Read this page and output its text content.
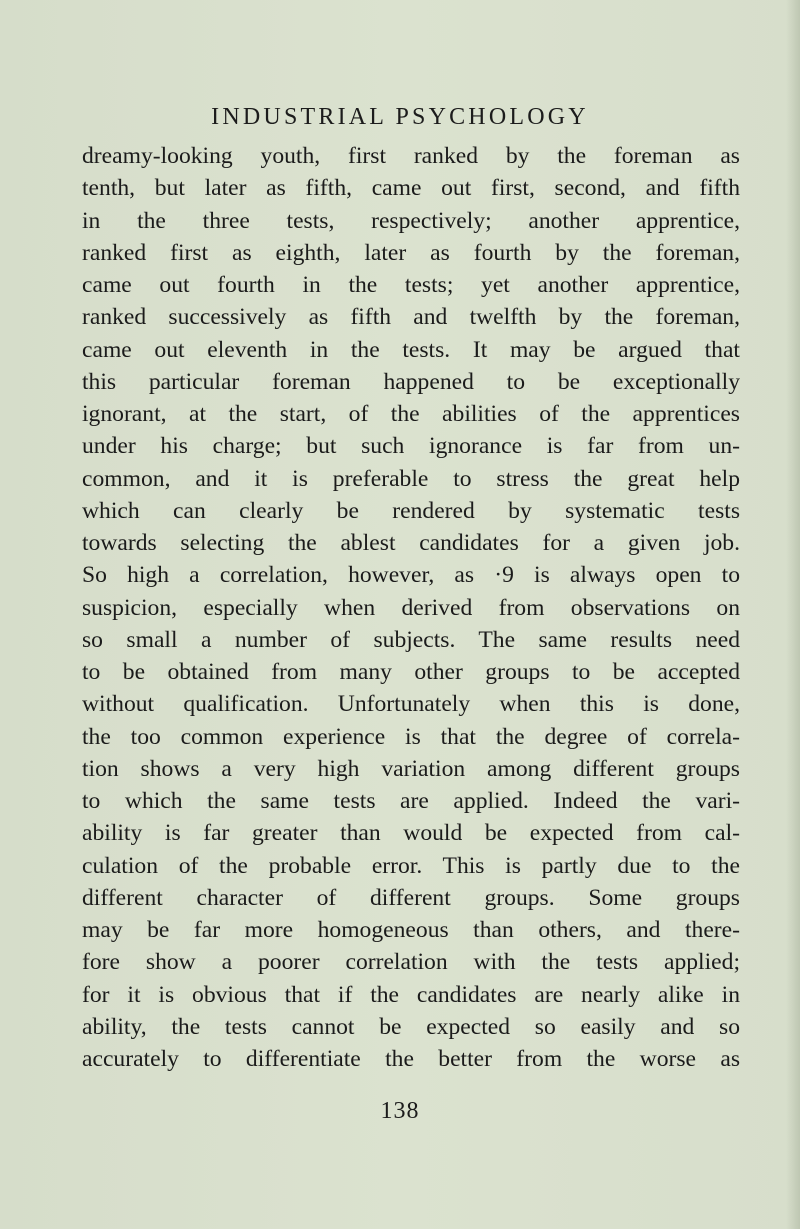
INDUSTRIAL PSYCHOLOGY
dreamy-looking youth, first ranked by the foreman as
tenth, but later as fifth, came out first, second, and fifth
in the three tests, respectively; another apprentice,
ranked first as eighth, later as fourth by the foreman,
came out fourth in the tests; yet another apprentice,
ranked successively as fifth and twelfth by the foreman,
came out eleventh in the tests. It may be argued that
this particular foreman happened to be exceptionally
ignorant, at the start, of the abilities of the apprentices
under his charge; but such ignorance is far from un-
common, and it is preferable to stress the great help
which can clearly be rendered by systematic tests
towards selecting the ablest candidates for a given job.
So high a correlation, however, as ·9 is always open to
suspicion, especially when derived from observations on
so small a number of subjects. The same results need
to be obtained from many other groups to be accepted
without qualification. Unfortunately when this is done,
the too common experience is that the degree of correla-
tion shows a very high variation among different groups
to which the same tests are applied. Indeed the vari-
ability is far greater than would be expected from cal-
culation of the probable error. This is partly due to the
different character of different groups. Some groups
may be far more homogeneous than others, and there-
fore show a poorer correlation with the tests applied;
for it is obvious that if the candidates are nearly alike in
ability, the tests cannot be expected so easily and so
accurately to differentiate the better from the worse as
138
